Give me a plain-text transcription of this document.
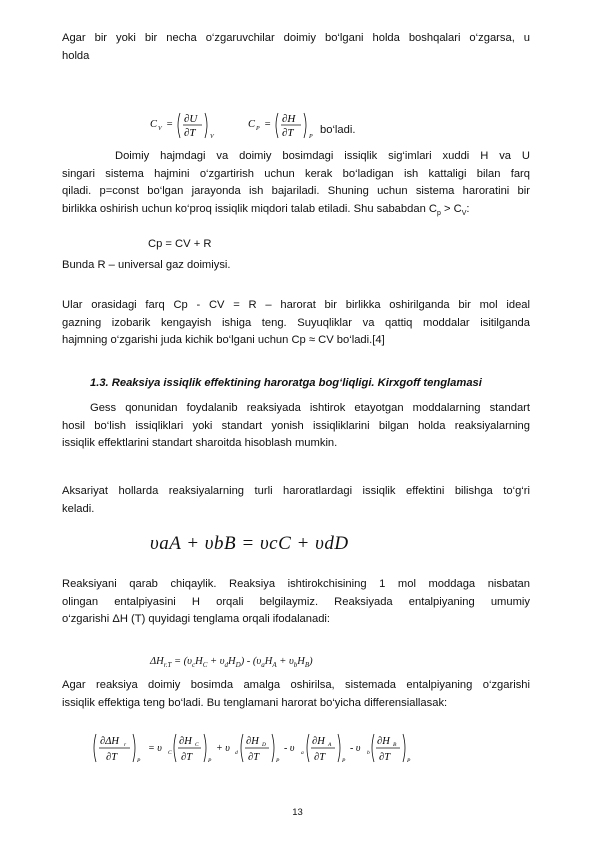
Agar bir yoki bir necha o‘zgaruvchilar doimiy bo‘lgani holda boshqalari o‘zgarsa, u
holda
C V = ∂U
∂T V
C P = ∂H
∂T	P
bo‘ladi.
Doimiy hajmdagi va doimiy bosimdagi issiqlik sig‘imlari xuddi H va U
singari sistema hajmini o‘zgartirish uchun kerak bo‘ladigan ish kattaligi bilan farq
qiladi. p=const bo‘lgan jarayonda ish bajariladi. Shuning uchun sistema haroratini bir
birlikka oshirish uchun ko‘proq issiqlik miqdori talab etiladi. Shu sababdan $C_p > C_V$:
Cp = CV + R
Bunda R – universal gaz doimiysi.
Ular orasidagi farq Cp - CV = R – harorat bir birlikka oshirilganda bir mol ideal
gazning izobarik kengayish ishiga teng. Suyuqliklar va qattiq moddalar isitilganda
hajmning o‘zgarishi juda kichik bo‘lgani uchun Cp ≈ CV bo‘ladi.[4]
1.3. Reaksiya issiqlik effektining haroratga bog‘liqligi. Kirxgoff tenglamasi
Gess qonunidan foydalanib reaksiyada ishtirok etayotgan moddalarning standart
hosil bo‘lish issiqliklari yoki standart yonish issiqliklarini bilgan holda reaksiyalarning
issiqlik effektlarini standart sharoitda hisoblash mumkin.
Aksariyat hollarda reaksiyalarning turli haroratlardagi issiqlik effektini bilishga to‘g‘ri
keladi.
υaA + υbB = υcC + υdD
Reaksiyani qarab chiqaylik. Reaksiya ishtirokchisining 1 mol moddaga nisbatan
olingan entalpiyasini H orqali belgilaymiz. Reaksiyada entalpiyaning umumiy
o‘zgarishi ΔH (T) quyidagi tenglama orqali ifodalanadi:
$\Delta H_{r.T} = (\upsilon_cH_C + \upsilon_dH_D) - (\upsilon_aH_A + \upsilon_bH_B)$
Agar reaksiya doimiy bosimda amalga oshirilsa, sistemada entalpiyaning o‘zgarishi
issiqlik effektiga teng bo‘ladi. Bu tenglamani harorat bo‘yicha differensiallasak:
∂ΔH r
∂T	P
= υ C
∂H C
∂T	P
+ υ d
∂H D
∂T	P
- υ a
∂H A
∂T	P
- υ b
∂H B
∂T	P
13
